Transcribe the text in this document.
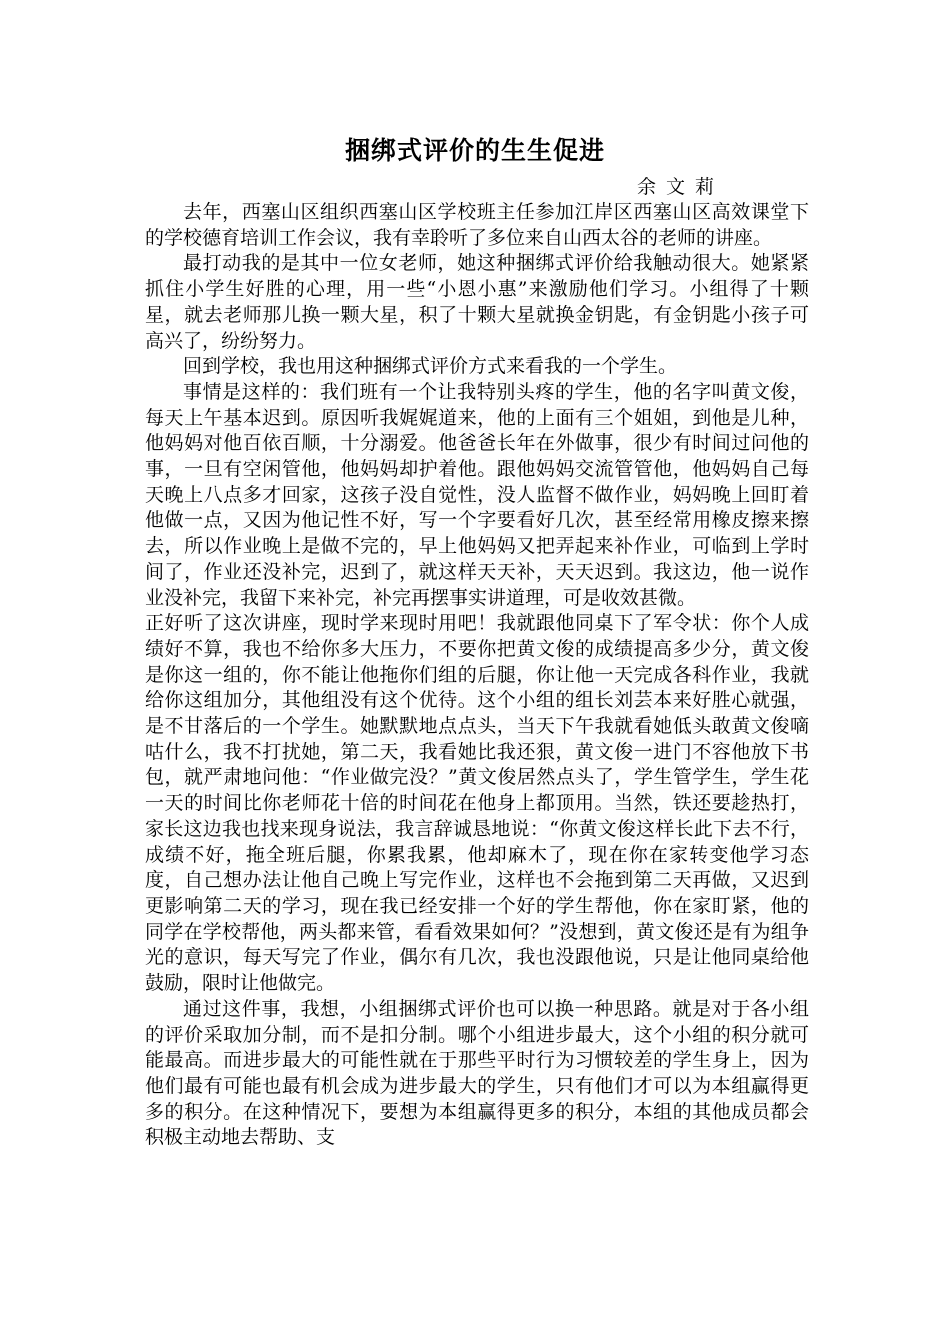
捆绑式评价的生生促进
余文莉

去年，西塞山区组织西塞山区学校班主任参加江岸区西塞山区高效课堂下的学校德育培训工作会议，我有幸聆听了多位来自山西太谷的老师的讲座。

最打动我的是其中一位女老师，她这种捆绑式评价给我触动很大。她紧紧抓住小学生好胜的心理，用一些“小恩小惠”来激励他们学习。小组得了十颗星，就去老师那儿换一颗大星，积了十颗大星就换金钥匙，有金钥匙小孩子可高兴了，纷纷努力。

回到学校，我也用这种捆绑式评价方式来看我的一个学生。

事情是这样的：我们班有一个让我特别头疼的学生，他的名字叫黄文俊，每天上午基本迟到。原因听我娓娓道来，他的上面有三个姐姐，到他是儿种，他妈妈对他百依百顺，十分溺爱。他爸爸长年在外做事，很少有时间过问他的事，一旦有空闲管他，他妈妈却护着他。跟他妈妈交流管管他，他妈妈自己每天晚上八点多才回家，这孩子没自觉性，没人监督不做作业，妈妈晚上回盯着他做一点，又因为他记性不好，写一个字要看好几次，甚至经常用橡皮擦来擦去，所以作业晚上是做不完的，早上他妈妈又把弄起来补作业，可临到上学时间了，作业还没补完，迟到了，就这样天天补，天天迟到。我这边，他一说作业没补完，我留下来补完，补完再摆事实讲道理，可是收效甚微。

正好听了这次讲座，现时学来现时用吧！我就跟他同桌下了军令状：你个人成绩好不算，我也不给你多大压力，不要你把黄文俊的成绩提高多少分，黄文俊是你这一组的，你不能让他拖你们组的后腿，你让他一天完成各科作业，我就给你这组加分，其他组没有这个优待。这个小组的组长刘芸本来好胜心就强，是不甘落后的一个学生。她默默地点点头，当天下午我就看她低头敢黄文俊嘀咕什么，我不打扰她，第二天，我看她比我还狠，黄文俊一进门不容他放下书包，就严肃地问他：“作业做完没？”黄文俊居然点头了，学生管学生，学生花一天的时间比你老师花十倍的时间花在他身上都顶用。当然，铁还要趁热打，家长这边我也找来现身说法，我言辞诚恳地说：“你黄文俊这样长此下去不行，成绩不好，拖全班后腿，你累我累，他却麻木了，现在你在家转变他学习态度，自己想办法让他自己晚上写完作业，这样也不会拖到第二天再做，又迟到更影响第二天的学习，现在我已经安排一个好的学生帮他，你在家盯紧，他的同学在学校帮他，两头都来管，看看效果如何？”没想到，黄文俊还是有为组争光的意识，每天写完了作业，偶尔有几次，我也没跟他说，只是让他同桌给他鼓励，限时让他做完。

通过这件事，我想，小组捆绑式评价也可以换一种思路。就是对于各小组的评价采取加分制，而不是扣分制。哪个小组进步最大，这个小组的积分就可能最高。而进步最大的可能性就在于那些平时行为习惯较差的学生身上，因为他们最有可能也最有机会成为进步最大的学生，只有他们才可以为本组赢得更多的积分。在这种情况下，要想为本组赢得更多的积分，本组的其他成员都会积极主动地去帮助、支
